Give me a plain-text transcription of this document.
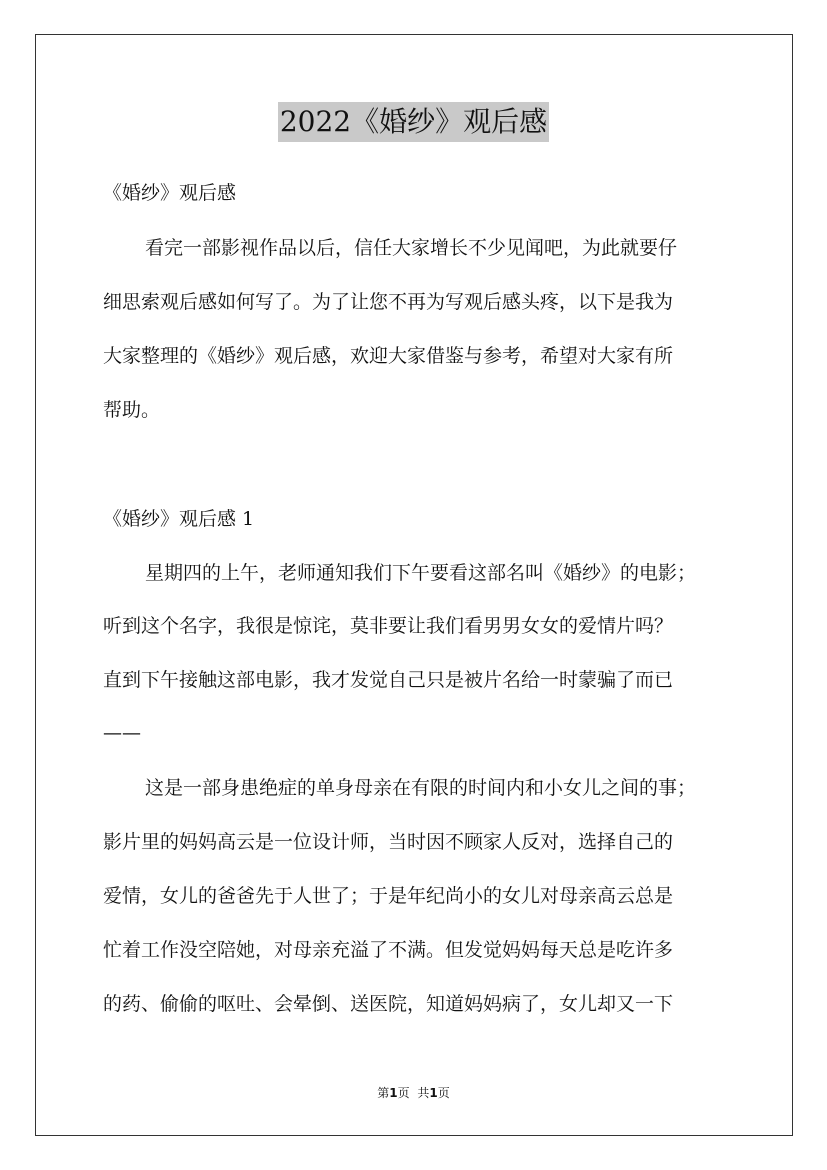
2022《婚纱》观后感
《婚纱》观后感
看完一部影视作品以后，信任大家增长不少见闻吧，为此就要仔
细思索观后感如何写了。为了让您不再为写观后感头疼，以下是我为
大家整理的《婚纱》观后感，欢迎大家借鉴与参考，希望对大家有所
帮助。
《婚纱》观后感 1
星期四的上午，老师通知我们下午要看这部名叫《婚纱》的电影；
听到这个名字，我很是惊诧，莫非要让我们看男男女女的爱情片吗？
直到下午接触这部电影，我才发觉自己只是被片名给一时蒙骗了而已
——
这是一部身患绝症的单身母亲在有限的时间内和小女儿之间的事；
影片里的妈妈高云是一位设计师，当时因不顾家人反对，选择自己的
爱情，女儿的爸爸先于人世了；于是年纪尚小的女儿对母亲高云总是
忙着工作没空陪她，对母亲充溢了不满。但发觉妈妈每天总是吃许多
的药、偷偷的呕吐、会晕倒、送医院，知道妈妈病了，女儿却又一下
第1页 共1页
